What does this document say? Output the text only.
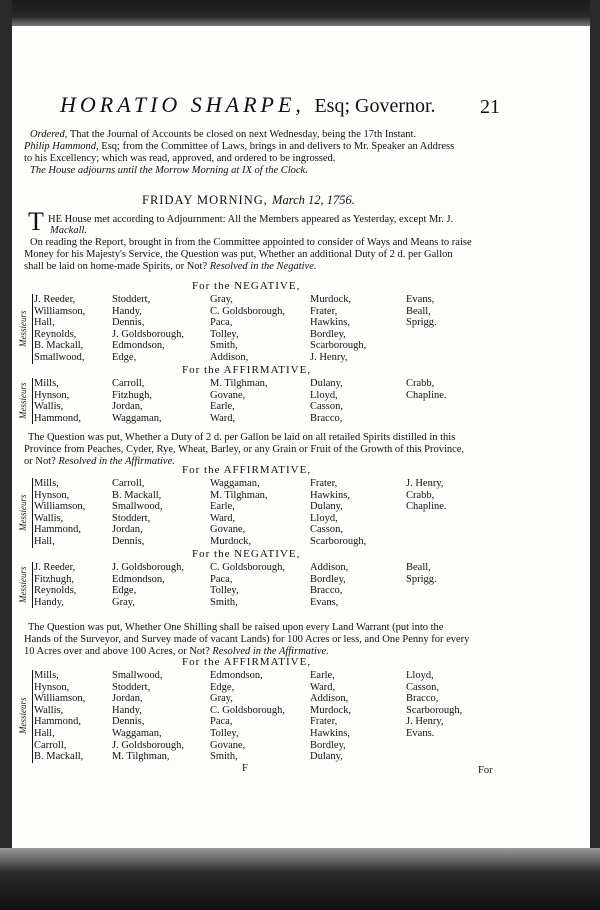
HORATIO SHARPE, Esq; Governor. 21
Ordered, That the Journal of Accounts be closed on next Wednesday, being the 17th Instant.
Philip Hammond, Esq; from the Committee of Laws, brings in and delivers to Mr. Speaker an Address
to his Excellency; which was read, approved, and ordered to be ingrossed.
The House adjourns until the Morrow Morning at IX of the Clock.
FRIDAY MORNING, March 12, 1756.
T HE House met according to Adjournment: All the Members appeared as Yesterday, except Mr. J.
Mackall.
On reading the Report, brought in from the Committee appointed to consider of Ways and Means to raise
Money for his Majesty's Service, the Question was put, Whether an additional Duty of 2 d. per Gallon
shall be laid on home-made Spirits, or Not? Resolved in the Negative.
The Question was put, Whether a Duty of 2 d. per Gallon be laid on all retailed Spirits distilled in this
Province from Peaches, Cyder, Rye, Wheat, Barley, or any Grain or Fruit of the Growth of this Province,
or Not? Resolved in the Affirmative.
The Question was put, Whether One Shilling shall be raised upon every Land Warrant (put into the
Hands of the Surveyor, and Survey made of vacant Lands) for 100 Acres or less, and One Penny for every
10 Acres over and above 100 Acres, or Not? Resolved in the Affirmative.
F	For
For the NEGATIVE,
Messieurs
J. Reeder,
Williamson,
Hall,
Reynolds,
B. Mackall,
Smallwood,
Stoddert,
Handy,
Dennis,
J. Goldsborough,
Edmondson,
Edge,
Gray,
C. Goldsborough,
Paca,
Tolley,
Smith,
Addison,
Murdock,
Frater,
Hawkins,
Bordley,
Scarborough,
J. Henry,
Evans,
Beall,
Sprigg.
For the AFFIRMATIVE,
Messieurs Mills,
Hynson,
Wallis,
Hammond,
Carroll,
Fitzhugh,
Jordan,
Waggaman,
M. Tilghman,
Govane,
Earle,
Ward,
Dulany,
Lloyd,
Casson,
Bracco,
Crabb,
Chapline.
For the AFFIRMATIVE,
Messieurs
Mills,
Hynson,
Williamson,
Wallis,
Hammond,
Hall,
Carroll,
B. Mackall,
Smallwood,
Stoddert,
Jordan,
Dennis,
Waggaman,
M. Tilghman,
Earle,
Ward,
Govane,
Murdock,
Frater,
Hawkins,
Dulany,
Lloyd,
Casson,
Scarborough,
J. Henry,
Crabb,
Chapline.
For the NEGATIVE,
Messieurs J. Reeder,
Fitzhugh,
Reynolds,
Handy,
J. Goldsborough,
Edmondson,
Edge,
Gray,
C. Goldsborough,
Paca,
Tolley,
Smith,
Addison,
Bordley,
Bracco,
Evans,
Beall,
Sprigg.
For the AFFIRMATIVE,
Messieurs
Mills,
Hynson,
Williamson,
Wallis,
Hammond,
Hall,
Carroll,
B. Mackall,
Smallwood,
Stoddert,
Jordan,
Handy,
Dennis,
Waggaman,
J. Goldsborough,
M. Tilghman,
Edmondson,
Edge,
Gray,
C. Goldsborough,
Paca,
Tolley,
Govane,
Smith,
Earle,
Ward,
Addison,
Murdock,
Frater,
Hawkins,
Bordley,
Dulany,
Lloyd,
Casson,
Bracco,
Scarborough,
J. Henry,
Evans.
